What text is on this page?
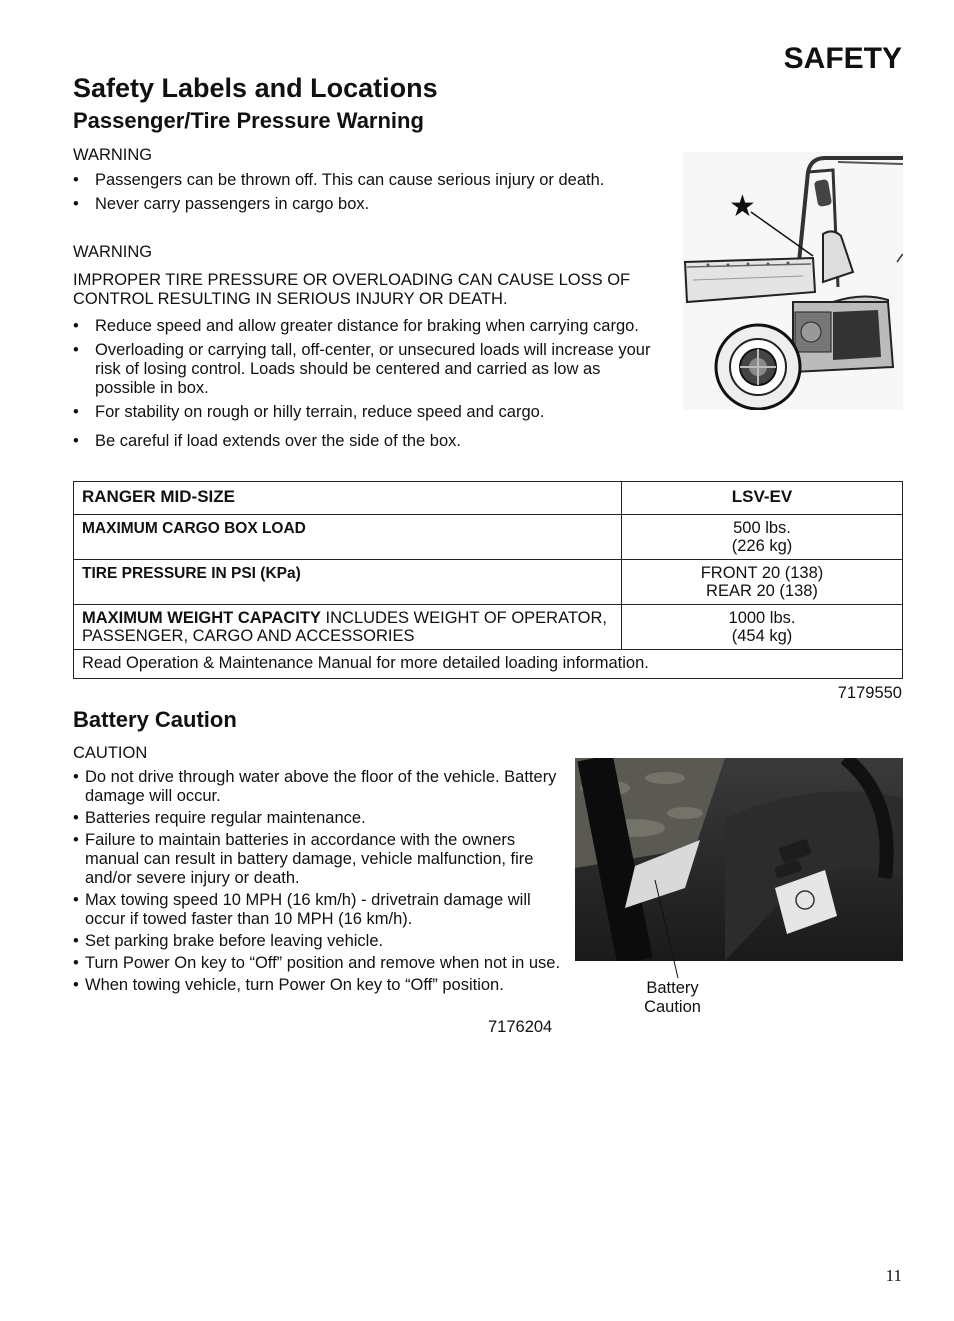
SAFETY
Safety Labels and Locations
Passenger/Tire Pressure Warning
WARNING
• Passengers can be thrown off. This can cause serious injury or death.
• Never carry passengers in cargo box.
WARNING
IMPROPER TIRE PRESSURE OR OVERLOADING CAN CAUSE LOSS OF CONTROL RESULTING IN SERIOUS INJURY OR DEATH.
• Reduce speed and allow greater distance for braking when carrying cargo.
• Overloading or carrying tall, off-center, or unsecured loads will increase your risk of losing control. Loads should be centered and carried as low as possible in box.
• For stability on rough or hilly terrain, reduce speed and cargo.
• Be careful if load extends over the side of the box.
★
RANGER MID-SIZE	LSV-EV
MAXIMUM CARGO BOX LOAD	500 lbs.
(226 kg)

TIRE PRESSURE IN PSI (KPa)	FRONT 20 (138)
REAR 20 (138)

MAXIMUM WEIGHT CAPACITY INCLUDES WEIGHT OF OPERATOR, PASSENGER, CARGO AND ACCESSORIES	1000 lbs.
(454 kg)

Read Operation & Maintenance Manual for more detailed loading information.	
7179550
Battery Caution
CAUTION
• Do not drive through water above the floor of the vehicle. Battery damage will occur.
• Batteries require regular maintenance.
• Failure to maintain batteries in accordance with the owners manual can result in battery damage, vehicle malfunction, fire and/or severe injury or death.
• Max towing speed 10 MPH (16 km/h) - drivetrain damage will occur if towed faster than 10 MPH (16 km/h).
• Set parking brake before leaving vehicle.
• Turn Power On key to “Off” position and remove when not in use.
• When towing vehicle, turn Power On key to “Off” position.
7176204
Battery
Caution
11
